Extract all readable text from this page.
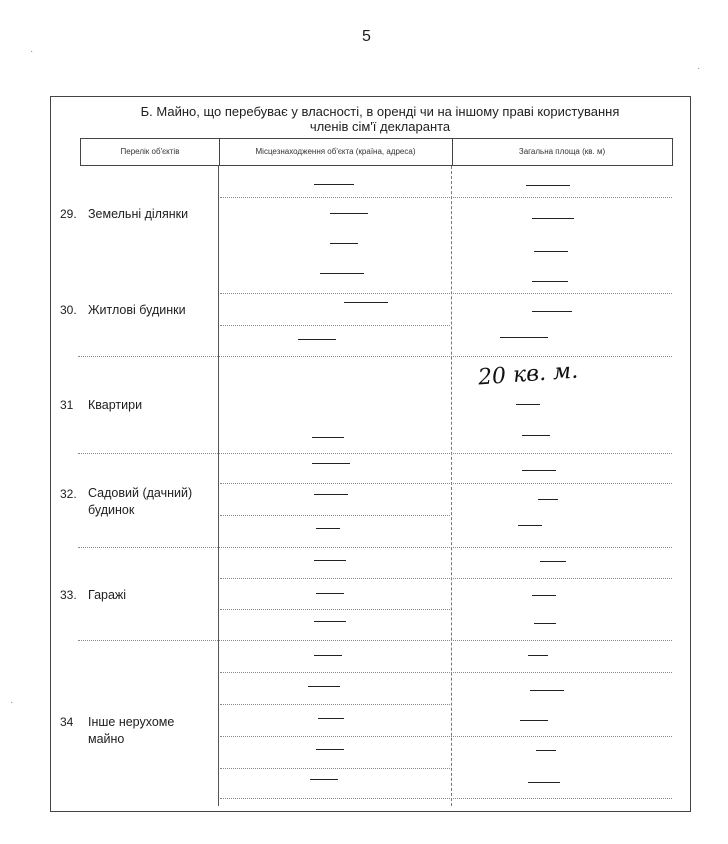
5
Б. Майно, що перебуває у власності, в оренді чи на іншому праві користування
членів сім'ї декларанта
Перелік об'єктів	Місцезнаходження об'єкта (країна, адреса)	Загальна площа (кв. м)
29. Земельні ділянки
30. Житлові будинки
31 Квартири
32. Садовий (дачний) будинок
33. Гаражі
34 Інше нерухоме майно
20 кв. м.
·
·
·
